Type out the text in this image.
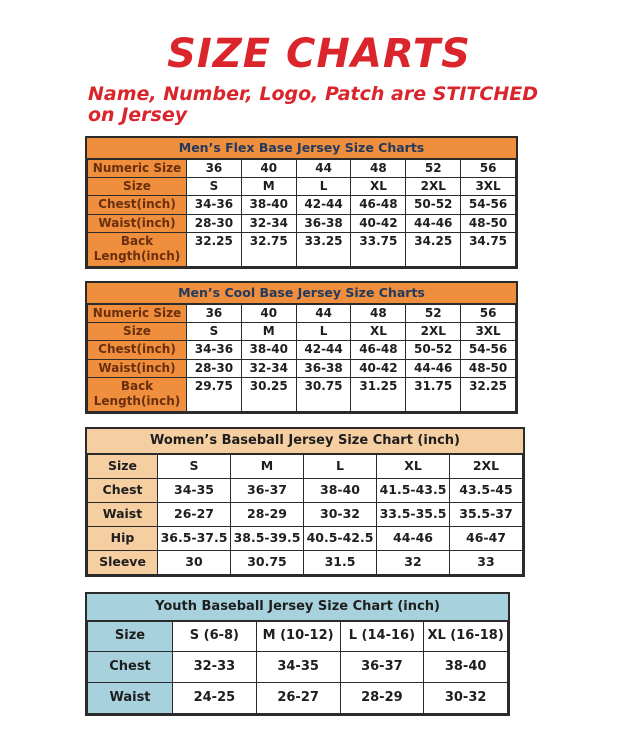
SIZE CHARTS
Name, Number, Logo, Patch are STITCHED
on Jersey
Men’s Flex Base Jersey Size Charts
Numeric Size	36	40	44	48	52	56
Size	S	M	L	XL	2XL	3XL
Chest(inch)	34-36	38-40	42-44	46-48	50-52	54-56
Waist(inch)	28-30	32-34	36-38	40-42	44-46	48-50
Back Length(inch)	32.25	32.75	33.25	33.75	34.25	34.75
Men’s Cool Base Jersey Size Charts
Numeric Size	36	40	44	48	52	56
Size	S	M	L	XL	2XL	3XL
Chest(inch)	34-36	38-40	42-44	46-48	50-52	54-56
Waist(inch)	28-30	32-34	36-38	40-42	44-46	48-50
Back Length(inch)	29.75	30.25	30.75	31.25	31.75	32.25
Women’s Baseball Jersey Size Chart (inch)
Size	S	M	L	XL	2XL
Chest	34-35	36-37	38-40	41.5-43.5	43.5-45
Waist	26-27	28-29	30-32	33.5-35.5	35.5-37
Hip	36.5-37.5	38.5-39.5	40.5-42.5	44-46	46-47
Sleeve	30	30.75	31.5	32	33
Youth Baseball Jersey Size Chart (inch)
Size	S (6-8)	M (10-12)	L (14-16)	XL (16-18)
Chest	32-33	34-35	36-37	38-40
Waist	24-25	26-27	28-29	30-32
